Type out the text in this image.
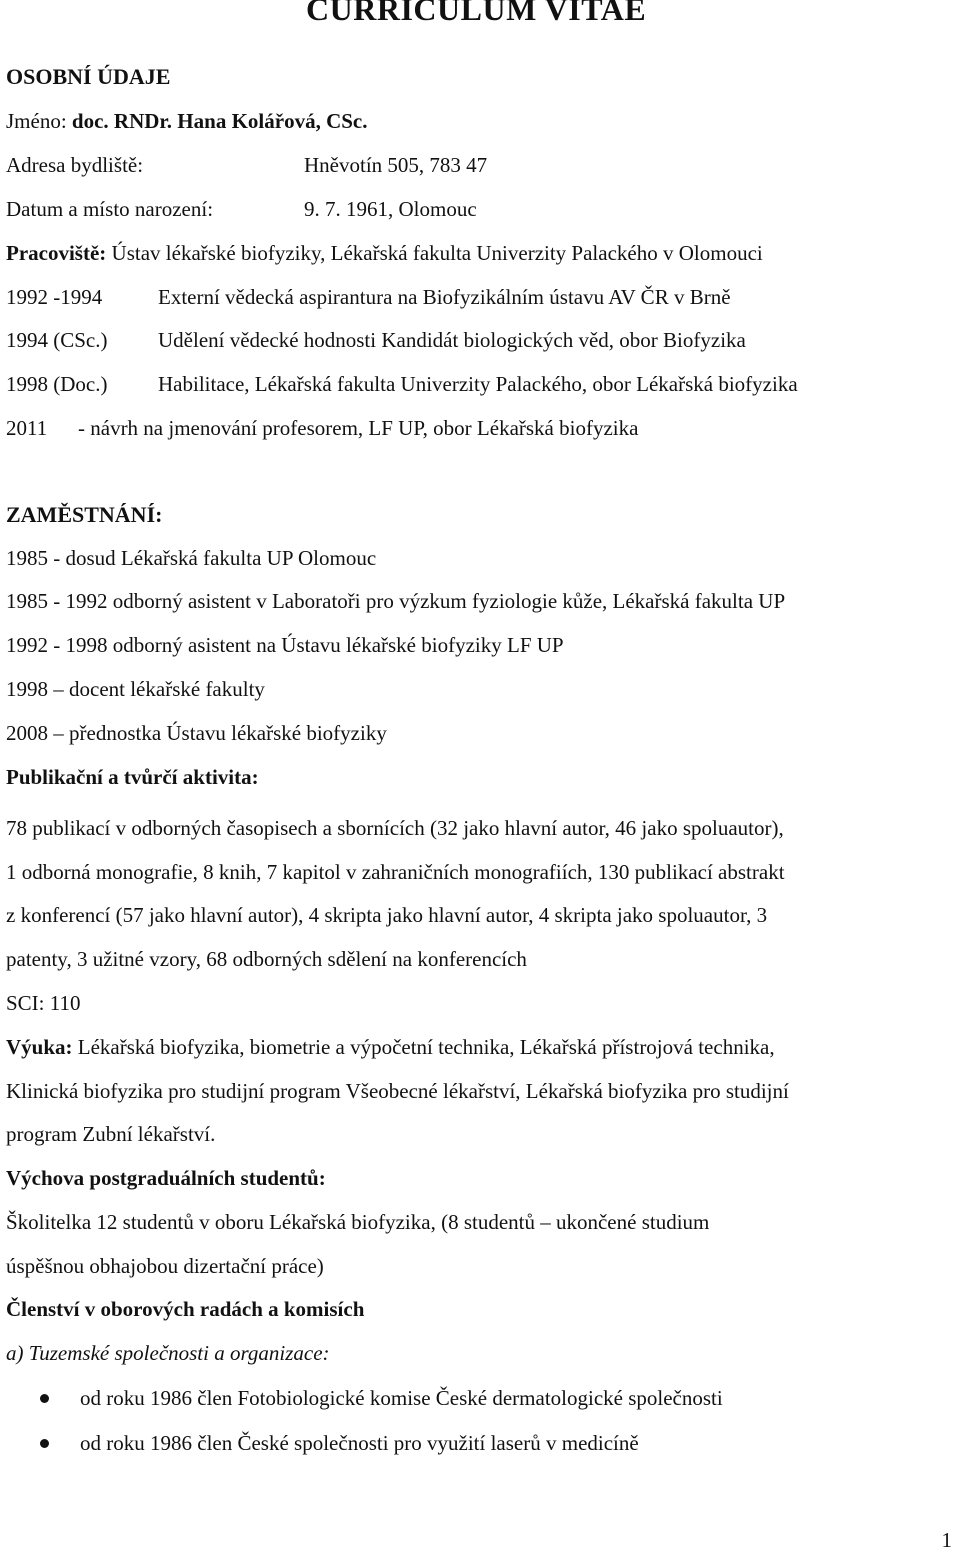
CURRICULUM VITAE
OSOBNÍ ÚDAJE
Jméno: doc. RNDr. Hana Kolářová, CSc.
Adresa bydliště:	Hněvotín 505, 783 47
Datum a místo narození:	9. 7. 1961, Olomouc
Pracoviště: Ústav lékařské biofyziky, Lékařská fakulta Univerzity Palackého v Olomouci
1992 -1994	Externí vědecká aspirantura na Biofyzikálním ústavu AV ČR v Brně
1994 (CSc.) Udělení vědecké hodnosti Kandidát biologických věd, obor Biofyzika
1998 (Doc.) Habilitace, Lékařská fakulta Univerzity Palackého, obor Lékařská biofyzika
2011 - návrh na jmenování profesorem, LF UP, obor Lékařská biofyzika
ZAMĚSTNÁNÍ:
1985 - dosud Lékařská fakulta UP Olomouc
1985 - 1992 odborný asistent v Laboratoři pro výzkum fyziologie kůže, Lékařská fakulta UP
1992 - 1998 odborný asistent na Ústavu lékařské biofyziky LF UP
1998 – docent lékařské fakulty
2008 – přednostka Ústavu lékařské biofyziky
Publikační a tvůrčí aktivita:
78 publikací v odborných časopisech a sbornících (32 jako hlavní autor, 46 jako spoluautor),
1 odborná monografie, 8 knih, 7 kapitol v zahraničních monografiích, 130 publikací abstrakt
z konferencí (57 jako hlavní autor), 4 skripta jako hlavní autor, 4 skripta jako spoluautor, 3
patenty, 3 užitné vzory, 68 odborných sdělení na konferencích
SCI: 110
Výuka: Lékařská biofyzika, biometrie a výpočetní technika, Lékařská přístrojová technika,
Klinická biofyzika pro studijní program Všeobecné lékařství, Lékařská biofyzika pro studijní
program Zubní lékařství.
Výchova postgraduálních studentů:
Školitelka 12 studentů v oboru Lékařská biofyzika, (8 studentů – ukončené studium
úspěšnou obhajobou dizertační práce)
Členství v oborových radách a komisích
a) Tuzemské společnosti a organizace:
od roku 1986 člen Fotobiologické komise České dermatologické společnosti
od roku 1986 člen České společnosti pro využití laserů v medicíně
1
